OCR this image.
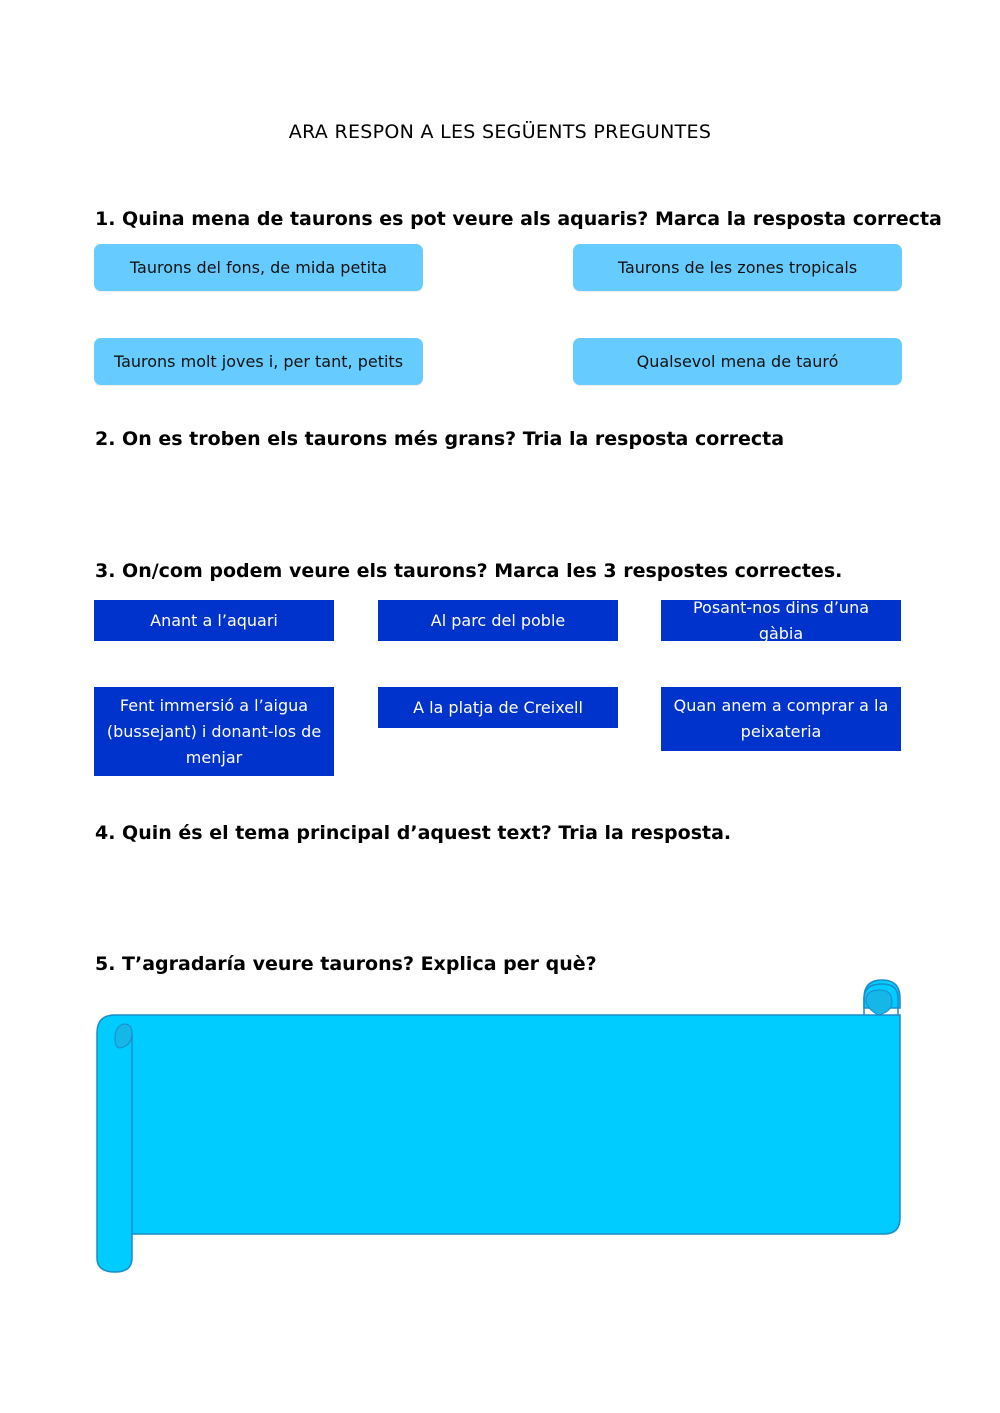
ARA RESPON A LES SEGÜENTS PREGUNTES
1. Quina mena de taurons es pot veure als aquaris? Marca la resposta correcta
Taurons del fons, de mida petita	Taurons de les zones tropicals
Taurons molt joves i, per tant, petits	Qualsevol mena de tauró
2. On es troben els taurons més grans? Tria la resposta correcta
3. On/com podem veure els taurons? Marca les 3 respostes correctes.
Anant a l’aquari	Al parc del poble
Posant-nos dins d’una gàbia
Fent immersió a l’aigua (bussejant) i donant-los de menjar
A la platja de Creixell	Quan anem a comprar a la peixateria
4. Quin és el tema principal d’aquest text? Tria la resposta.
5. T’agradaría veure taurons? Explica per què?
